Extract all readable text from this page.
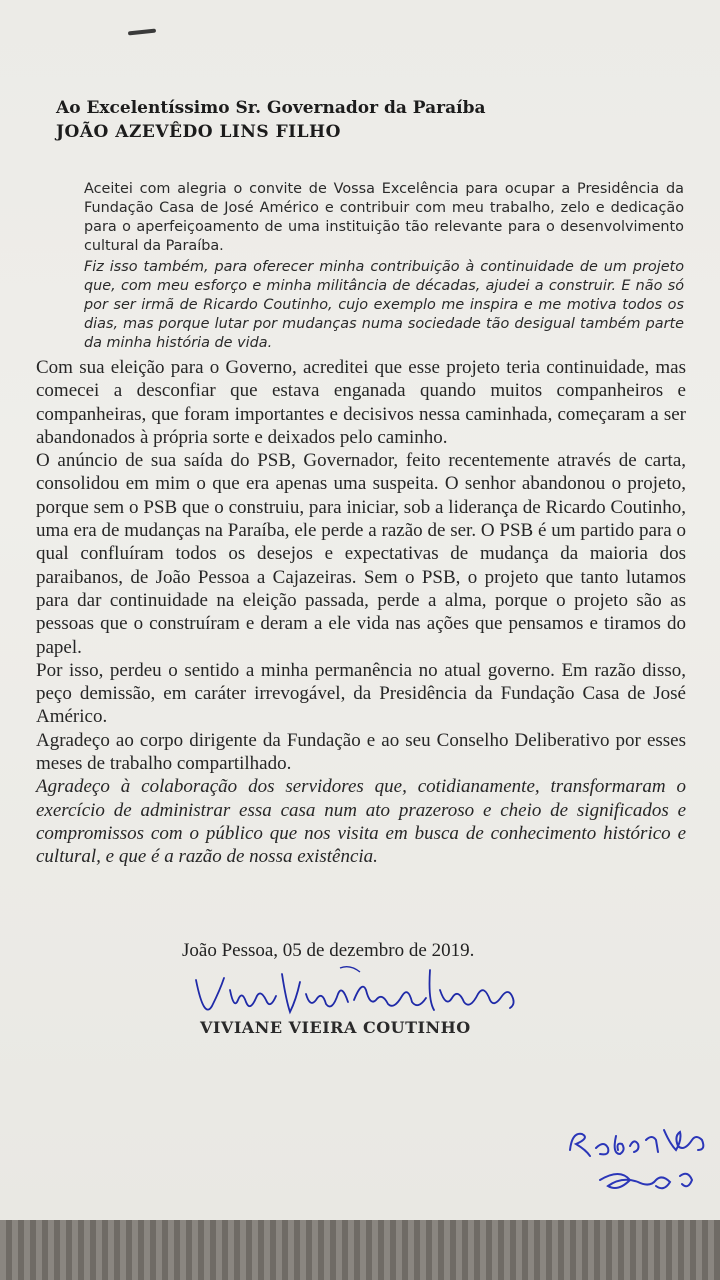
Ao Excelentíssimo Sr. Governador da Paraíba
JOÃO AZEVÊDO LINS FILHO

Aceitei com alegria o convite de Vossa Excelência para ocupar a Presidência da Fundação Casa de José Américo e contribuir com meu trabalho, zelo e dedicação para o aperfeiçoamento de uma instituição tão relevante para o desenvolvimento cultural da Paraíba.

Fiz isso também, para oferecer minha contribuição à continuidade de um projeto que, com meu esforço e minha militância de décadas, ajudei a construir. E não só por ser irmã de Ricardo Coutinho, cujo exemplo me inspira e me motiva todos os dias, mas porque lutar por mudanças numa sociedade tão desigual também parte da minha história de vida.

Com sua eleição para o Governo, acreditei que esse projeto teria continuidade, mas comecei a desconfiar que estava enganada quando muitos companheiros e companheiras, que foram importantes e decisivos nessa caminhada, começaram a ser abandonados à própria sorte e deixados pelo caminho.

O anúncio de sua saída do PSB, Governador, feito recentemente através de carta, consolidou em mim o que era apenas uma suspeita. O senhor abandonou o projeto, porque sem o PSB que o construiu, para iniciar, sob a liderança de Ricardo Coutinho, uma era de mudanças na Paraíba, ele perde a razão de ser. O PSB é um partido para o qual confluíram todos os desejos e expectativas de mudança da maioria dos paraibanos, de João Pessoa a Cajazeiras. Sem o PSB, o projeto que tanto lutamos para dar continuidade na eleição passada, perde a alma, porque o projeto são as pessoas que o construíram e deram a ele vida nas ações que pensamos e tiramos do papel.

Por isso, perdeu o sentido a minha permanência no atual governo. Em razão disso, peço demissão, em caráter irrevogável, da Presidência da Fundação Casa de José Américo.

Agradeço ao corpo dirigente da Fundação e ao seu Conselho Deliberativo por esses meses de trabalho compartilhado.

Agradeço à colaboração dos servidores que, cotidianamente, transformaram o exercício de administrar essa casa num ato prazeroso e cheio de significados e compromissos com o público que nos visita em busca de conhecimento histórico e cultural, e que é a razão de nossa existência.

João Pessoa, 05 de dezembro de 2019.
VIVIANE VIEIRA COUTINHO
